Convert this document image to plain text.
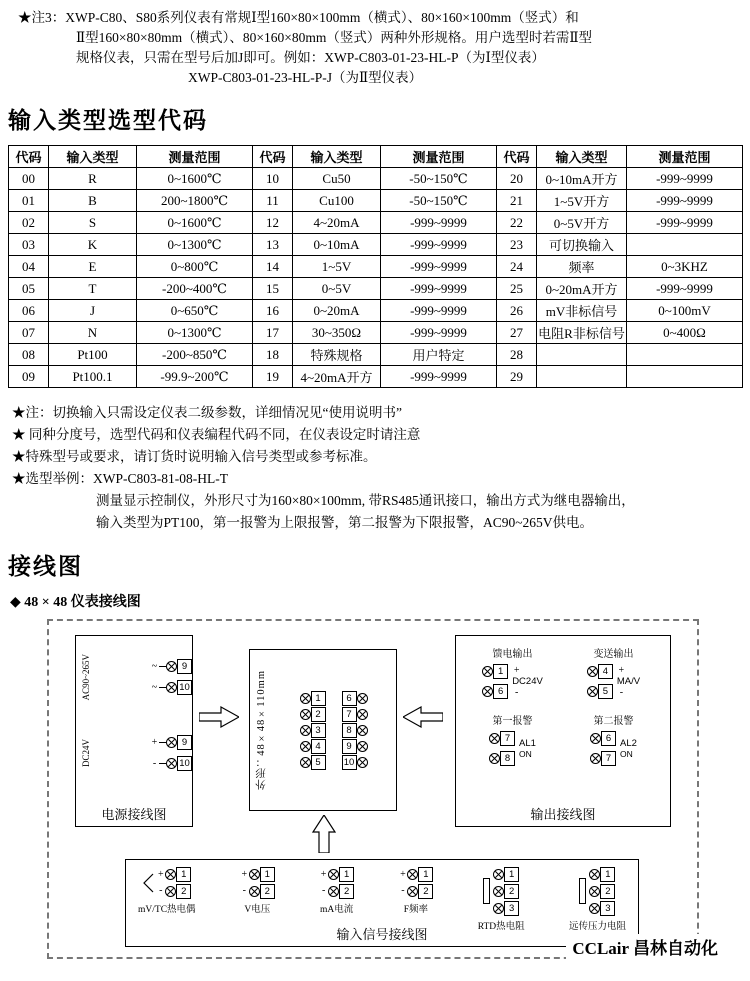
★注3：XWP-C80、S80系列仪表有常规Ⅰ型160×80×100mm（横式）、80×160×100mm（竖式）和

Ⅱ型160×80×80mm（横式）、80×160×80mm（竖式）两种外形规格。用户选型时若需Ⅱ型

规格仪表，只需在型号后加J即可。例如：XWP-C803-01-23-HL-P（为Ⅰ型仪表）

XWP-C803-01-23-HL-P-J（为Ⅱ型仪表）

输入类型选型代码
代码	输入类型	测量范围	代码	输入类型	测量范围	代码	输入类型	测量范围
00	R	0~1600℃	10	Cu50	-50~150℃	20	0~10mA开方	-999~9999
01	B	200~1800℃	11	Cu100	-50~150℃	21	1~5V开方	-999~9999
02	S	0~1600℃	12	4~20mA	-999~9999	22	0~5V开方	-999~9999
03	K	0~1300℃	13	0~10mA	-999~9999	23	可切换输入	
04	E	0~800℃	14	1~5V	-999~9999	24	频率	0~3KHZ
05	T	-200~400℃	15	0~5V	-999~9999	25	0~20mA开方	-999~9999
06	J	0~650℃	16	0~20mA	-999~9999	26	mV非标信号	0~100mV
07	N	0~1300℃	17	30~350Ω	-999~9999	27	电阻R非标信号	0~400Ω
08	Pt100	-200~850℃	18	特殊规格	用户特定	28		
09	Pt100.1	-99.9~200℃	19	4~20mA开方	-999~9999	29		

★注：切换输入只需设定仪表二级参数，详细情况见“使用说明书”

★ 同种分度号，选型代码和仪表编程代码不同，在仪表设定时请注意

★特殊型号或要求，请订货时说明输入信号类型或参考标准。

★选型举例：XWP-C803-81-08-HL-T

测量显示控制仪，外形尺寸为160×80×100mm, 带RS485通讯接口，输出方式为继电器输出，

输入类型为PT100，第一报警为上限报警，第二报警为下限报警，AC90~265V供电。

接线图

◆ 48 × 48 仪表接线图

AC90~265V	~	9
~ 10
DC24V	+	9
- 10
电源接线图
外形：48×48×110mm	1
2
3
4
5
6
7
8
9
10
馈电输出
1
6
+
DC24V
-
变送输出
4
5
+
MA/V
-
第一报警
7
8
AL1
ON
第二报警
6
7
AL2
ON
输出接线图
+
-
1
2
mV/TC热电偶
+
-
1
2
V电压
+
-
1
2
mA电流
+
-
1
2
F频率
1
2
3
RTD热电阻
1
2
3
远传压力电阻
输入信号接线图
CCLair 昌林自动化
